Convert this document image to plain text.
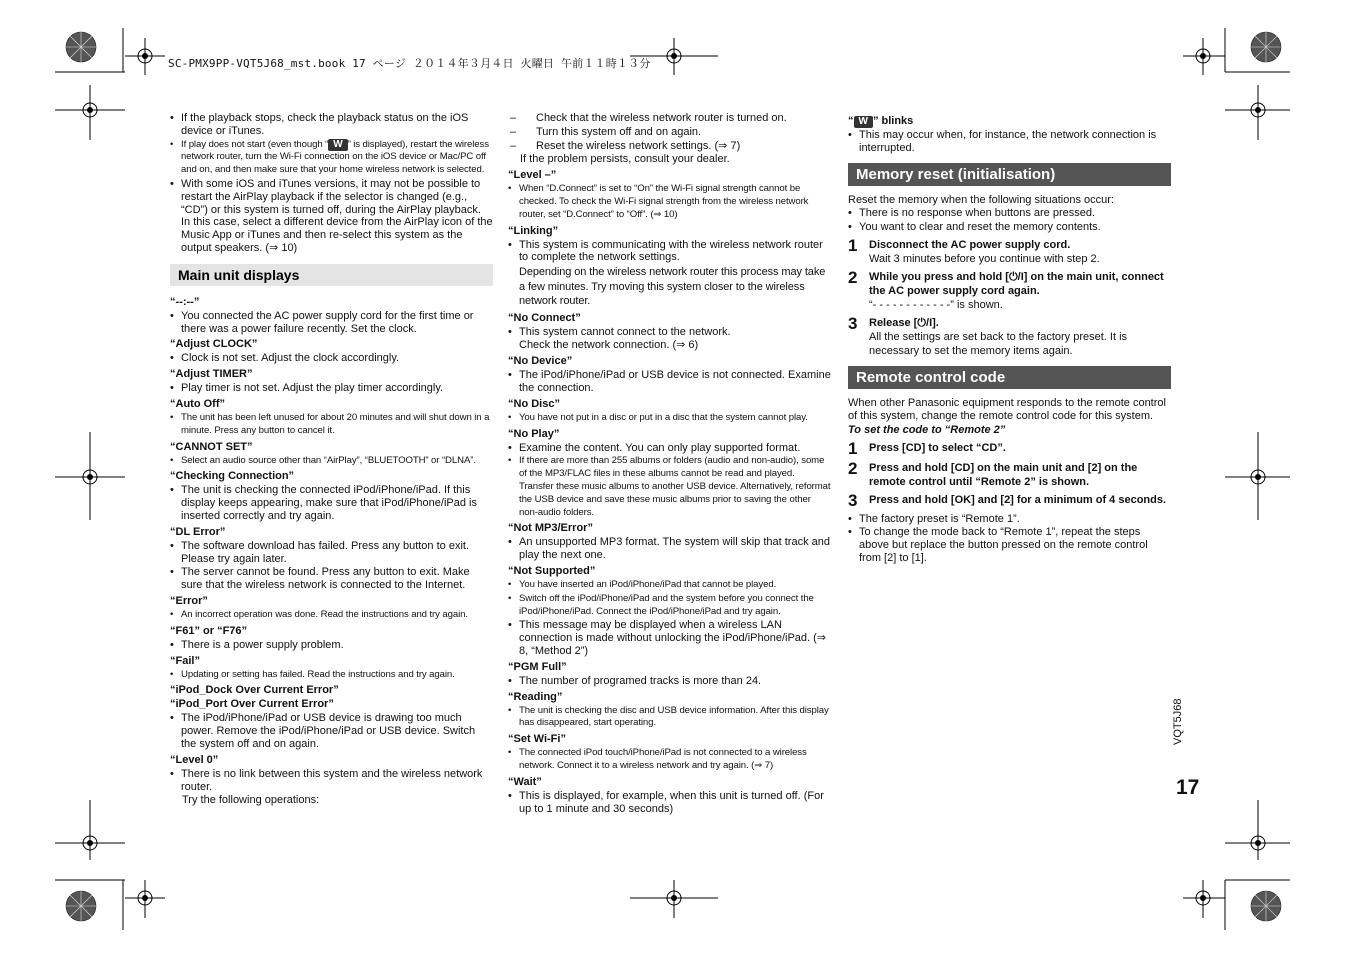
SC-PMX9PP-VQT5J68_mst.book 17 ページ ２０１４年３月４日 火曜日 午前１１時１３分
• If the playback stops, check the playback status on the iOS device or iTunes.
• If play does not start (even though “ W ” is displayed), restart the wireless network router, turn the Wi-Fi connection on the iOS device or Mac/PC off and on, and then make sure that your home wireless network is selected.
• With some iOS and iTunes versions, it may not be possible to restart the AirPlay playback if the selector is changed (e.g., “CD”) or this system is turned off, during the AirPlay playback.
In this case, select a different device from the AirPlay icon of the Music App or iTunes and then re-select this system as the output speakers. (⇒ 10)
Main unit displays
“--:--”
• You connected the AC power supply cord for the first time or there was a power failure recently. Set the clock.
“Adjust CLOCK”
• Clock is not set. Adjust the clock accordingly.
“Adjust TIMER”
• Play timer is not set. Adjust the play timer accordingly.
“Auto Off”
• The unit has been left unused for about 20 minutes and will shut down in a minute. Press any button to cancel it.
“CANNOT SET”
• Select an audio source other than “AirPlay”, “BLUETOOTH” or “DLNA”.
“Checking Connection”
• The unit is checking the connected iPod/iPhone/iPad. If this display keeps appearing, make sure that iPod/iPhone/iPad is inserted correctly and try again.
“DL Error”
• The software download has failed. Press any button to exit. Please try again later.
• The server cannot be found. Press any button to exit. Make sure that the wireless network is connected to the Internet.
“Error”
• An incorrect operation was done. Read the instructions and try again.
“F61” or “F76”
• There is a power supply problem.
“Fail”
• Updating or setting has failed. Read the instructions and try again.
“iPod_Dock Over Current Error”
“iPod_Port Over Current Error”
• The iPod/iPhone/iPad or USB device is drawing too much power. Remove the iPod/iPhone/iPad or USB device. Switch the system off and on again.
“Level 0”
• There is no link between this system and the wireless network router.
Try the following operations:
– Check that the wireless network router is turned on.
– Turn this system off and on again.
– Reset the wireless network settings. (⇒ 7)
If the problem persists, consult your dealer.
“Level –”
• When “D.Connect” is set to “On” the Wi-Fi signal strength cannot be checked. To check the Wi-Fi signal strength from the wireless network router, set “D.Connect” to “Off”. (⇒ 10)
“Linking”
• This system is communicating with the wireless network router to complete the network settings.
Depending on the wireless network router this process may take a few minutes. Try moving this system closer to the wireless network router.
“No Connect”
• This system cannot connect to the network.
Check the network connection. (⇒ 6)
“No Device”
• The iPod/iPhone/iPad or USB device is not connected. Examine the connection.
“No Disc”
• You have not put in a disc or put in a disc that the system cannot play.
“No Play”
• Examine the content. You can only play supported format.
• If there are more than 255 albums or folders (audio and non-audio), some of the MP3/FLAC files in these albums cannot be read and played. Transfer these music albums to another USB device. Alternatively, reformat the USB device and save these music albums prior to saving the other non-audio folders.
“Not MP3/Error”
• An unsupported MP3 format. The system will skip that track and play the next one.
“Not Supported”
• You have inserted an iPod/iPhone/iPad that cannot be played.
• Switch off the iPod/iPhone/iPad and the system before you connect the iPod/iPhone/iPad. Connect the iPod/iPhone/iPad and try again.
• This message may be displayed when a wireless LAN connection is made without unlocking the iPod/iPhone/iPad. (⇒ 8, “Method 2”)
“PGM Full”
• The number of programed tracks is more than 24.
“Reading”
• The unit is checking the disc and USB device information. After this display has disappeared, start operating.
“Set Wi-Fi”
• The connected iPod touch/iPhone/iPad is not connected to a wireless network. Connect it to a wireless network and try again. (⇒ 7)
“Wait”
• This is displayed, for example, when this unit is turned off. (For up to 1 minute and 30 seconds)
“ W ” blinks
• This may occur when, for instance, the network connection is interrupted.
Memory reset (initialisation)
Reset the memory when the following situations occur:
• There is no response when buttons are pressed.
• You want to clear and reset the memory contents.
1	Disconnect the AC power supply cord.
Wait 3 minutes before you continue with step 2.
2	While you press and hold [⏻/I] on the main unit, connect the AC power supply cord again.
“- - - - - - - - - - - -” is shown.
3	Release [⏻/I].
All the settings are set back to the factory preset. It is necessary to set the memory items again.
Remote control code
When other Panasonic equipment responds to the remote control of this system, change the remote control code for this system.
To set the code to “Remote 2”
1	Press [CD] to select “CD”.
2	Press and hold [CD] on the main unit and [2] on the remote control until “Remote 2” is shown.
3	Press and hold [OK] and [2] for a minimum of 4 seconds.
• The factory preset is “Remote 1”.
• To change the mode back to “Remote 1”, repeat the steps above but replace the button pressed on the remote control from [2] to [1].
VQT5J68
17
